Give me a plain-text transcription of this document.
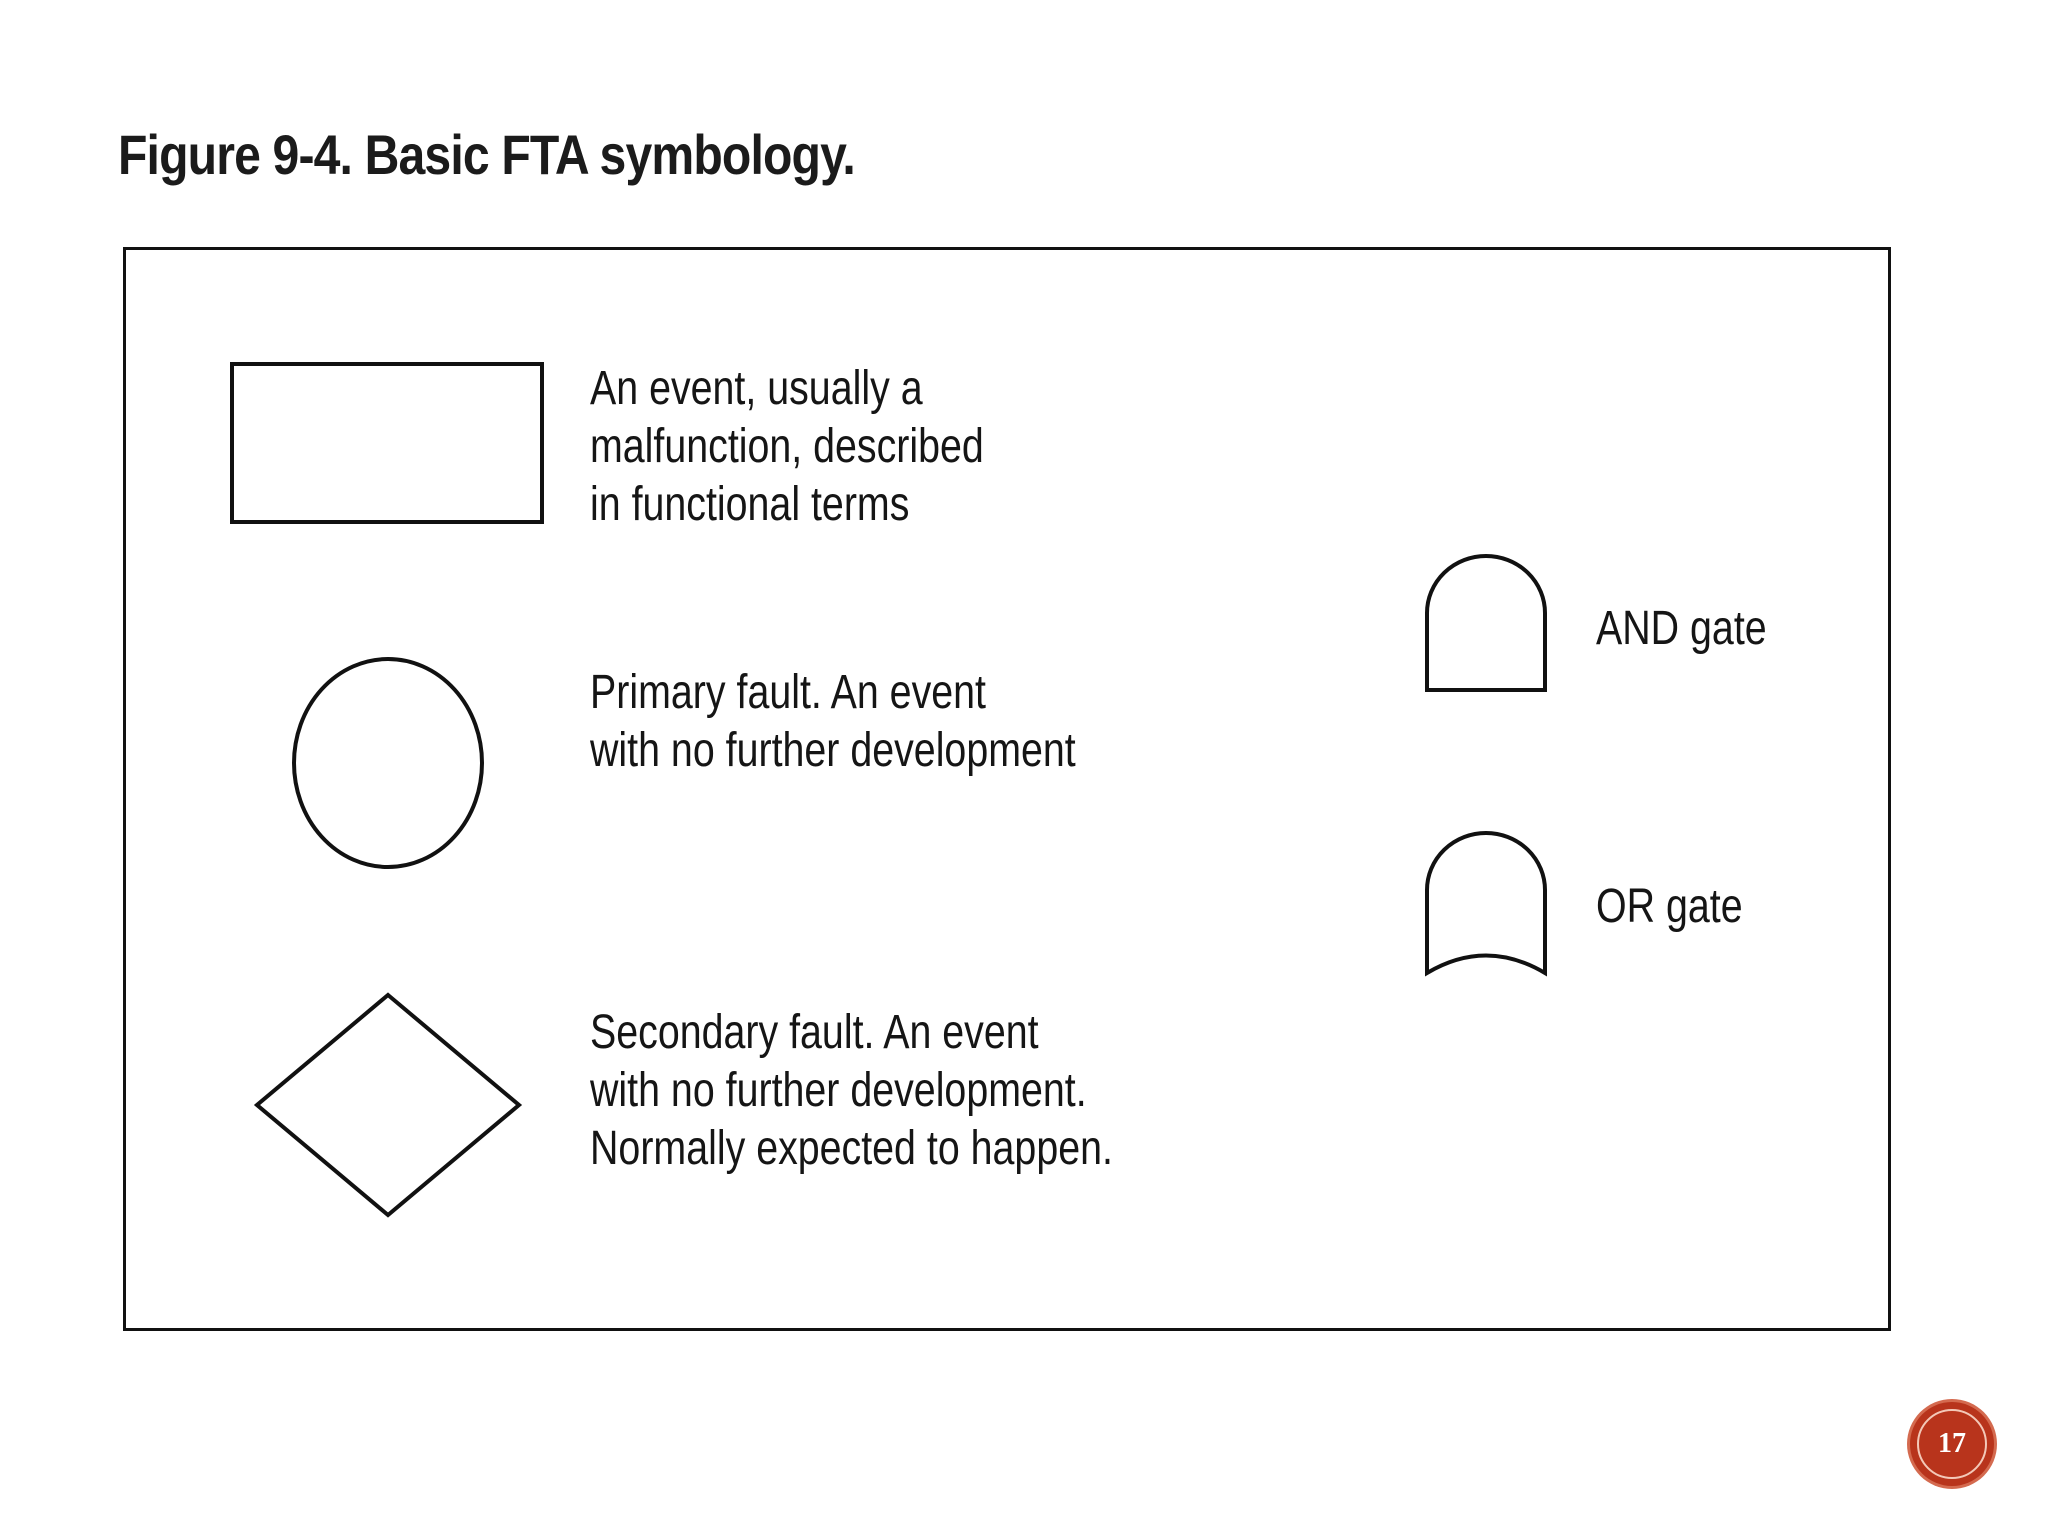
Figure 9-4. Basic FTA symbology.
An event, usually a
malfunction, described
in functional terms
Primary fault. An event
with no further development
Secondary fault. An event
with no further development.
Normally expected to happen.
AND gate
OR gate
17
